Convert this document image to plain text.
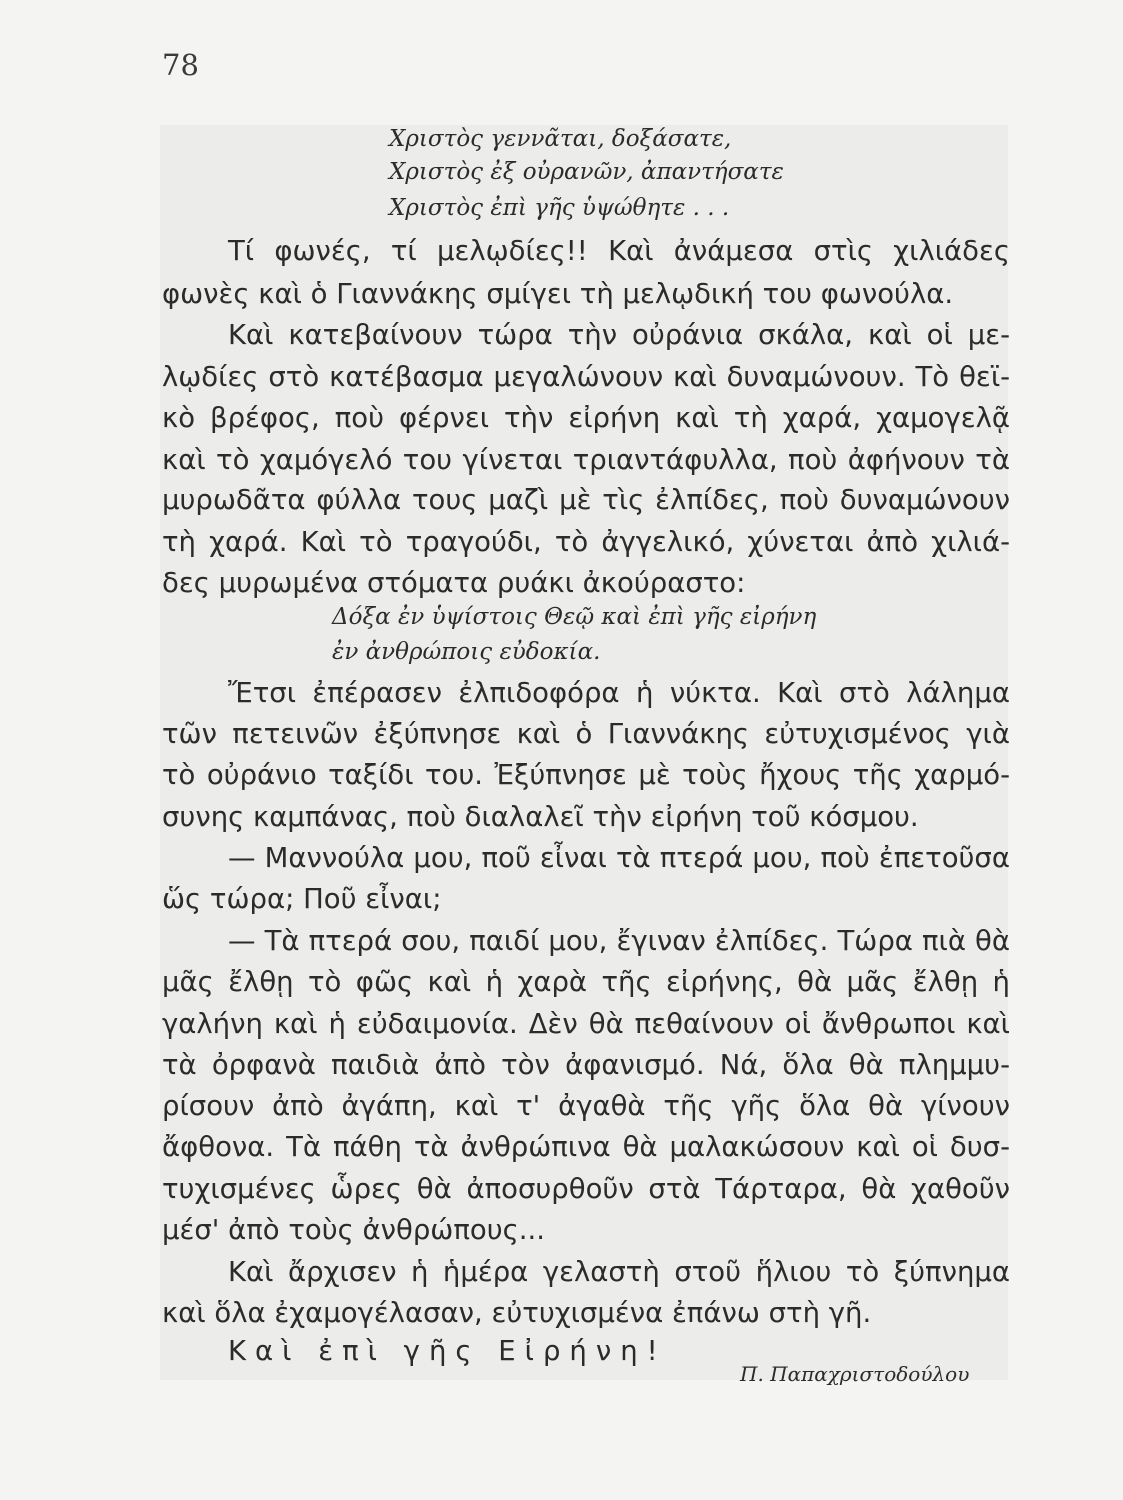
78
Χριστὸς γεννᾶται, δοξάσατε,
Χριστὸς ἐξ οὐρανῶν, ἀπαντήσατε
Χριστὸς ἐπὶ γῆς ὑψώθητε . . .
Τί φωνές, τί μελῳδίες!! Καὶ ἀνάμεσα στὶς χιλιάδες
φωνὲς καὶ ὁ Γιαννάκης σμίγει τὴ μελῳδική του φωνούλα.
Καὶ κατεβαίνουν τώρα τὴν οὐράνια σκάλα, καὶ οἱ με-
λῳδίες στὸ κατέβασμα μεγαλώνουν καὶ δυναμώνουν. Τὸ θεϊ-
κὸ βρέφος, ποὺ φέρνει τὴν εἰρήνη καὶ τὴ χαρά, χαμογελᾷ
καὶ τὸ χαμόγελό του γίνεται τριαντάφυλλα, ποὺ ἀφήνουν τὰ
μυρωδᾶτα φύλλα τους μαζὶ μὲ τὶς ἐλπίδες, ποὺ δυναμώνουν
τὴ χαρά. Καὶ τὸ τραγούδι, τὸ ἀγγελικό, χύνεται ἀπὸ χιλιά-
δες μυρωμένα στόματα ρυάκι ἀκούραστο:
Δόξα ἐν ὑψίστοις Θεῷ καὶ ἐπὶ γῆς εἰρήνη
ἐν ἀνθρώποις εὐδοκία.
Ἔτσι ἐπέρασεν ἐλπιδοφόρα ἡ νύκτα. Καὶ στὸ λάλημα
τῶν πετεινῶν ἐξύπνησε καὶ ὁ Γιαννάκης εὐτυχισμένος γιὰ
τὸ οὐράνιο ταξίδι του. Ἐξύπνησε μὲ τοὺς ἤχους τῆς χαρμό-
συνης καμπάνας, ποὺ διαλαλεῖ τὴν εἰρήνη τοῦ κόσμου.
— Μαννούλα μου, ποῦ εἶναι τὰ πτερά μου, ποὺ ἐπετοῦσα
ὥς τώρα; Ποῦ εἶναι;
— Τὰ πτερά σου, παιδί μου, ἔγιναν ἐλπίδες. Τώρα πιὰ θὰ
μᾶς ἔλθῃ τὸ φῶς καὶ ἡ χαρὰ τῆς εἰρήνης, θὰ μᾶς ἔλθῃ ἡ
γαλήνη καὶ ἡ εὐδαιμονία. Δὲν θὰ πεθαίνουν οἱ ἄνθρωποι καὶ
τὰ ὀρφανὰ παιδιὰ ἀπὸ τὸν ἀφανισμό. Νά, ὅλα θὰ πλημμυ-
ρίσουν ἀπὸ ἀγάπη, καὶ τ' ἀγαθὰ τῆς γῆς ὅλα θὰ γίνουν
ἄφθονα. Τὰ πάθη τὰ ἀνθρώπινα θὰ μαλακώσουν καὶ οἱ δυσ-
τυχισμένες ὧρες θὰ ἀποσυρθοῦν στὰ Τάρταρα, θὰ χαθοῦν
μέσ' ἀπὸ τοὺς ἀνθρώπους...
Καὶ ἄρχισεν ἡ ἡμέρα γελαστὴ στοῦ ἥλιου τὸ ξύπνημα
καὶ ὅλα ἐχαμογέλασαν, εὐτυχισμένα ἐπάνω στὴ γῆ.
Καὶ ἐπὶ γῆς Εἰρήνη!
Π. Παπαχριστοδούλου
